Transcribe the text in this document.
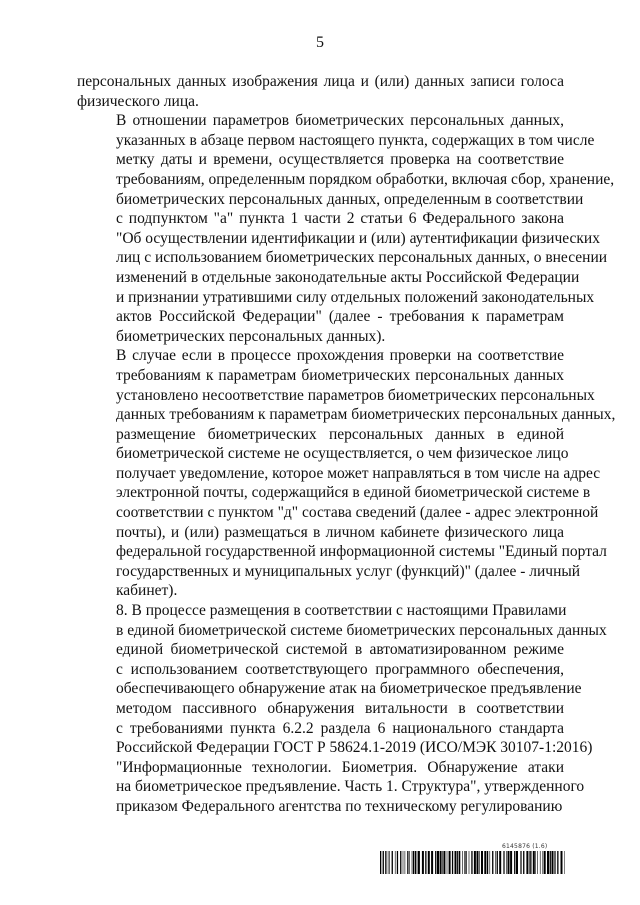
5

персональных данных изображения лица и (или) данных записи голоса
физического лица.

В отношении параметров биометрических персональных данных,
указанных в абзаце первом настоящего пункта, содержащих в том числе
метку даты и времени, осуществляется проверка на соответствие
требованиям, определенным порядком обработки, включая сбор, хранение,
биометрических персональных данных, определенным в соответствии
с подпунктом "а" пункта 1 части 2 статьи 6 Федерального закона
"Об осуществлении идентификации и (или) аутентификации физических
лиц с использованием биометрических персональных данных, о внесении
изменений в отдельные законодательные акты Российской Федерации
и признании утратившими силу отдельных положений законодательных
актов Российской Федерации" (далее - требования к параметрам
биометрических персональных данных).

В случае если в процессе прохождения проверки на соответствие
требованиям к параметрам биометрических персональных данных
установлено несоответствие параметров биометрических персональных
данных требованиям к параметрам биометрических персональных данных,
размещение биометрических персональных данных в единой
биометрической системе не осуществляется, о чем физическое лицо
получает уведомление, которое может направляться в том числе на адрес
электронной почты, содержащийся в единой биометрической системе в
соответствии с пунктом "д" состава сведений (далее - адрес электронной
почты), и (или) размещаться в личном кабинете физического лица
федеральной государственной информационной системы "Единый портал
государственных и муниципальных услуг (функций)" (далее - личный
кабинет).

8. В процессе размещения в соответствии с настоящими Правилами
в единой биометрической системе биометрических персональных данных
единой биометрической системой в автоматизированном режиме
с использованием соответствующего программного обеспечения,
обеспечивающего обнаружение атак на биометрическое предъявление
методом пассивного обнаружения витальности в соответствии
с требованиями пункта 6.2.2 раздела 6 национального стандарта
Российской Федерации ГОСТ Р 58624.1-2019 (ИСО/МЭК 30107-1:2016)
"Информационные технологии. Биометрия. Обнаружение атаки
на биометрическое предъявление. Часть 1. Структура", утвержденного
приказом Федерального агентства по техническому регулированию

6145876 (1.6)
